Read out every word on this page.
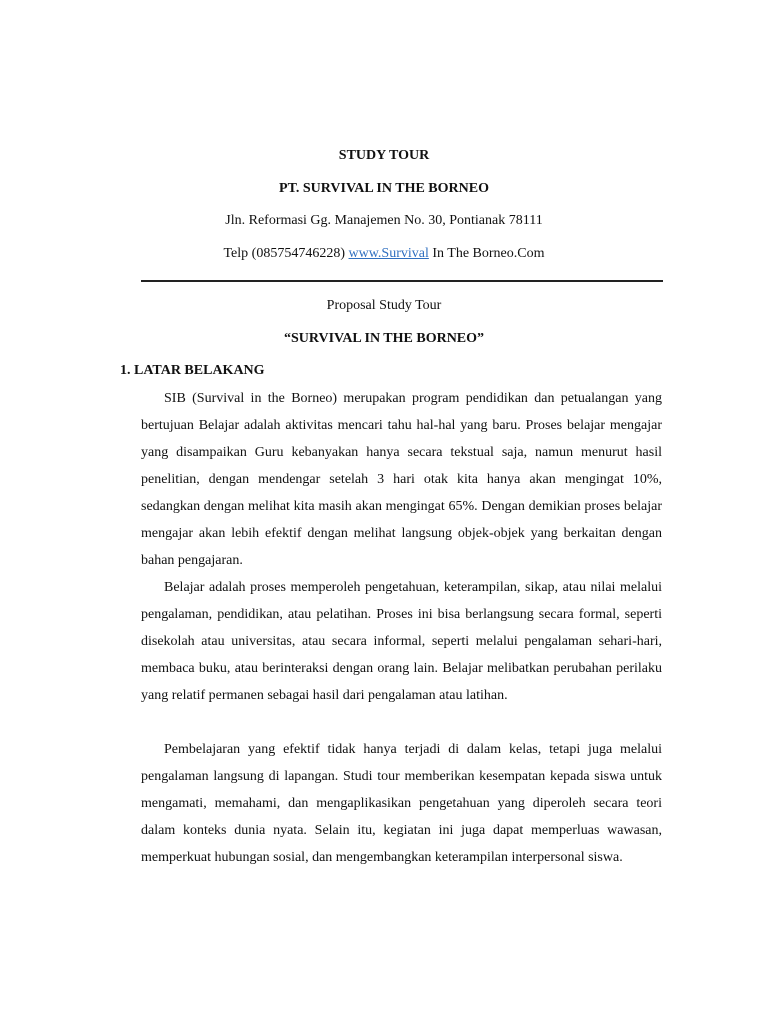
STUDY TOUR
PT. SURVIVAL IN THE BORNEO
Jln. Reformasi Gg. Manajemen No. 30, Pontianak 78111
Telp (085754746228) www.Survival In The Borneo.Com
Proposal Study Tour
“SURVIVAL IN THE BORNEO”
1. LATAR BELAKANG

SIB (Survival in the Borneo) merupakan program pendidikan dan petualangan yang bertujuan Belajar adalah aktivitas mencari tahu hal-hal yang baru. Proses belajar mengajar yang disampaikan Guru kebanyakan hanya secara tekstual saja, namun menurut hasil penelitian, dengan mendengar setelah 3 hari otak kita hanya akan mengingat 10%, sedangkan dengan melihat kita masih akan mengingat 65%. Dengan demikian proses belajar mengajar akan lebih efektif dengan melihat langsung objek-objek yang berkaitan dengan bahan pengajaran.

Belajar adalah proses memperoleh pengetahuan, keterampilan, sikap, atau nilai melalui pengalaman, pendidikan, atau pelatihan. Proses ini bisa berlangsung secara formal, seperti disekolah atau universitas, atau secara informal, seperti melalui pengalaman sehari-hari, membaca buku, atau berinteraksi dengan orang lain. Belajar melibatkan perubahan perilaku yang relatif permanen sebagai hasil dari pengalaman atau latihan.

Pembelajaran yang efektif tidak hanya terjadi di dalam kelas, tetapi juga melalui pengalaman langsung di lapangan. Studi tour memberikan kesempatan kepada siswa untuk mengamati, memahami, dan mengaplikasikan pengetahuan yang diperoleh secara teori dalam konteks dunia nyata. Selain itu, kegiatan ini juga dapat memperluas wawasan, memperkuat hubungan sosial, dan mengembangkan keterampilan interpersonal siswa.
